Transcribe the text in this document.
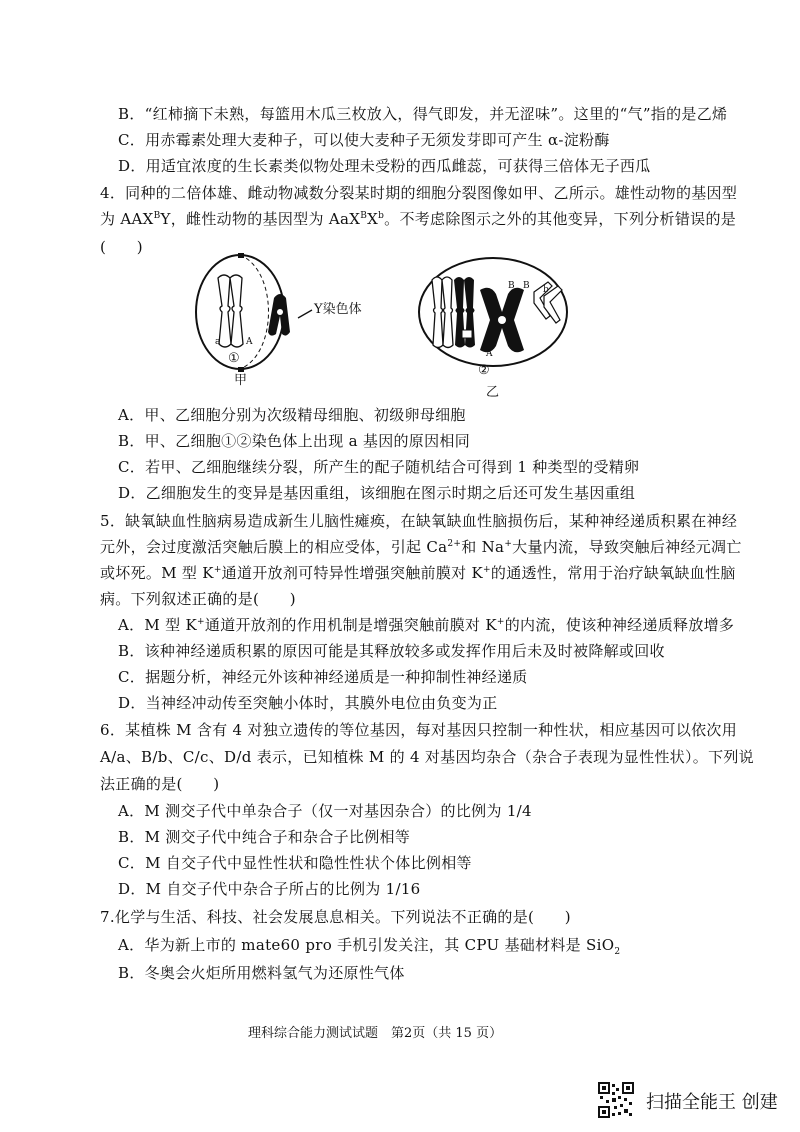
B．“红柿摘下未熟，每篮用木瓜三枚放入，得气即发，并无涩味”。这里的“气”指的是乙烯
C．用赤霉素处理大麦种子，可以使大麦种子无须发芽即可产生 α-淀粉酶
D．用适宜浓度的生长素类似物处理未受粉的西瓜雌蕊，可获得三倍体无子西瓜
4．同种的二倍体雄、雌动物减数分裂某时期的细胞分裂图像如甲、乙所示。雄性动物的基因型
为 $AAX^BY$，雌性动物的基因型为 $AaX^BX^b$。不考虑除图示之外的其他变异，下列分析错误的是
(　　)
a	A
①
甲
Y染色体
B B b
A
②
乙
A．甲、乙细胞分别为次级精母细胞、初级卵母细胞
B．甲、乙细胞①②染色体上出现 a 基因的原因相同
C．若甲、乙细胞继续分裂，所产生的配子随机结合可得到 1 种类型的受精卵
D．乙细胞发生的变异是基因重组，该细胞在图示时期之后还可发生基因重组
5．缺氧缺血性脑病易造成新生儿脑性瘫痪，在缺氧缺血性脑损伤后，某种神经递质积累在神经
元外，会过度激活突触后膜上的相应受体，引起 $Ca^{2+}$和 Na+大量内流，导致突触后神经元凋亡
或坏死。M 型 K+通道开放剂可特异性增强突触前膜对 K+的通透性，常用于治疗缺氧缺血性脑
病。下列叙述正确的是(　　)
A．M 型 K+通道开放剂的作用机制是增强突触前膜对 K+的内流，使该种神经递质释放增多
B．该种神经递质积累的原因可能是其释放较多或发挥作用后未及时被降解或回收
C．据题分析，神经元外该种神经递质是一种抑制性神经递质
D．当神经冲动传至突触小体时，其膜外电位由负变为正
6．某植株 M 含有 4 对独立遗传的等位基因，每对基因只控制一种性状，相应基因可以依次用
A/a、B/b、C/c、D/d 表示，已知植株 M 的 4 对基因均杂合（杂合子表现为显性性状）。下列说
法正确的是(　　)
A．M 测交子代中单杂合子（仅一对基因杂合）的比例为 1/4
B．M 测交子代中纯合子和杂合子比例相等
C．M 自交子代中显性性状和隐性性状个体比例相等
D．M 自交子代中杂合子所占的比例为 1/16
7.化学与生活、科技、社会发展息息相关。下列说法不正确的是(　　)
A．华为新上市的 mate60 pro 手机引发关注，其 CPU 基础材料是 SiO$_2$
B．冬奥会火炬所用燃料氢气为还原性气体
理科综合能力测试试题　第2页（共 15 页）
扫描全能王 创建
